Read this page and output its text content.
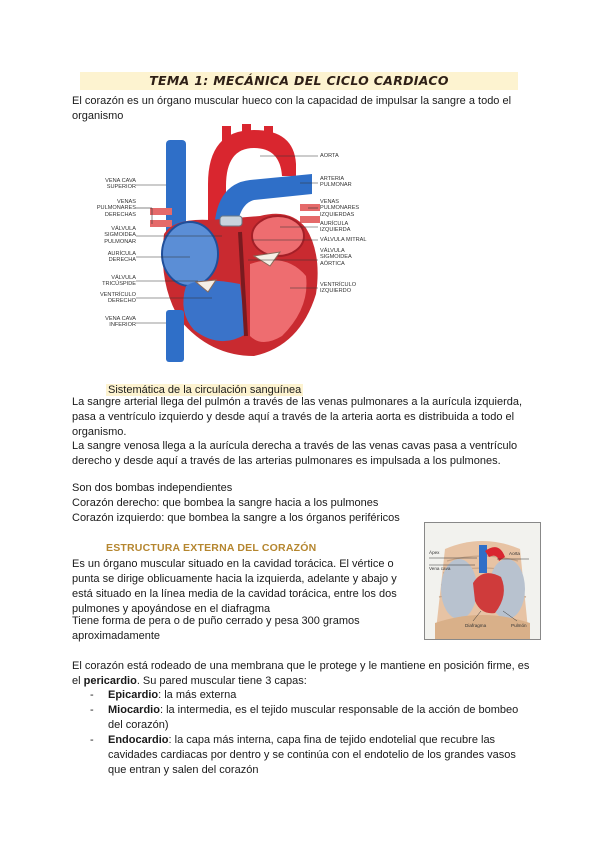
TEMA 1: MECÁNICA DEL CICLO CARDIACO

El corazón es un órgano muscular hueco con la capacidad de impulsar la sangre a todo el organismo

VENA CAVA SUPERIOR
VENAS PULMONARES DERECHAS
VÁLVULA SIGMOIDEA PULMONAR
AURÍCULA DERECHA
VÁLVULA TRICÚSPIDE
VENTRÍCULO DERECHO
VENA CAVA INFERIOR
AORTA
ARTERIA PULMONAR
VENAS PULMONARES IZQUIERDAS
AURÍCULA IZQUIERDA
VÁLVULA MITRAL
VÁLVULA SIGMOIDEA AÓRTICA
VENTRÍCULO IZQUIERDO
Sistemática de la circulación sanguínea

La sangre arterial llega del pulmón a través de las venas pulmonares a la aurícula izquierda, pasa a ventrículo izquierdo y desde aquí a través de la arteria aorta es distribuida a todo el organismo.

La sangre venosa llega a la aurícula derecha a través de las venas cavas pasa a ventrículo derecho y desde aquí a través de las arterias pulmonares es impulsada a los pulmones.

Son dos bombas independientes

Corazón derecho: que bombea la sangre hacia a los pulmones

Corazón izquierdo: que bombea la sangre a los órganos periféricos

Ápex
Vena cava
Aorta
Diafragma	Pulmón
ESTRUCTURA EXTERNA DEL CORAZÓN

Es un órgano muscular situado en la cavidad torácica. El vértice o punta se dirige oblicuamente hacia la izquierda, adelante y abajo y está situado en la línea media de la cavidad torácica, entre los dos pulmones y apoyándose en el diafragma

Tiene forma de pera o de puño cerrado y pesa 300 gramos aproximadamente

El corazón está rodeado de una membrana que le protege y le mantiene en posición firme, es el pericardio. Su pared muscular tiene 3 capas:

- Epicardio: la más externa
- Miocardio: la intermedia, es el tejido muscular responsable de la acción de bombeo del corazón)
- Endocardio: la capa más interna, capa fina de tejido endotelial que recubre las cavidades cardiacas por dentro y se continúa con el endotelio de los grandes vasos que entran y salen del corazón
